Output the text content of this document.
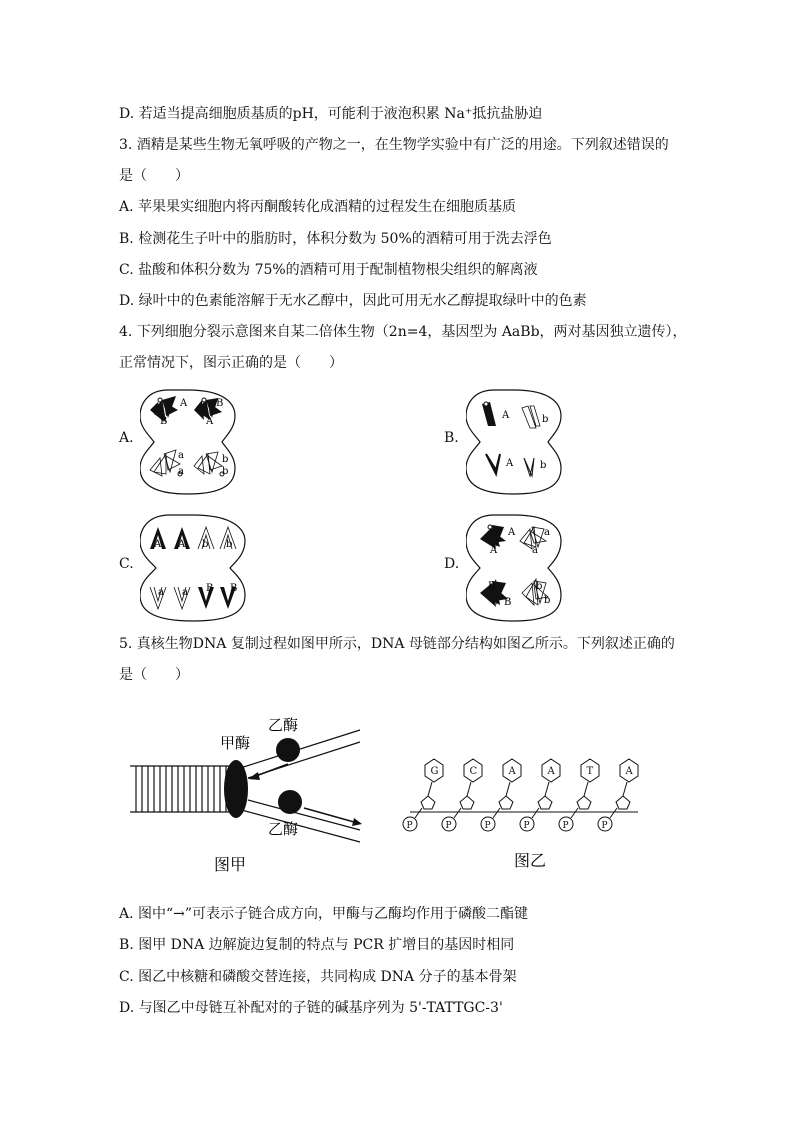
D. 若适当提高细胞质基质的pH，可能利于液泡积累 Na⁺抵抗盐胁迫
3. 酒精是某些生物无氧呼吸的产物之一，在生物学实验中有广泛的用途。下列叙述错误的
是（　　）
A. 苹果果实细胞内将丙酮酸转化成酒精的过程发生在细胞质基质
B. 检测花生子叶中的脂肪时，体积分数为 50%的酒精可用于洗去浮色
C. 盐酸和体积分数为 75%的酒精可用于配制植物根尖组织的解离液
D. 绿叶中的色素能溶解于无水乙醇中，因此可用无水乙醇提取绿叶中的色素
4. 下列细胞分裂示意图来自某二倍体生物（2n=4，基因型为 AaBb，两对基因独立遗传），
正常情况下，图示正确的是（　　）
A.	B.
C.	D.
A
B
B
A
a
a
b
b
A	b
A	b
A A b b
a a B B
A
A
a
a
B
B
b
b
5. 真核生物DNA 复制过程如图甲所示，DNA 母链部分结构如图乙所示。下列叙述正确的
是（　　）
甲酶
乙酶
乙酶
图甲
P
G
P
C
P
A
P
A
P
T
P
A
图乙
A. 图中“→”可表示子链合成方向，甲酶与乙酶均作用于磷酸二酯键
B. 图甲 DNA 边解旋边复制的特点与 PCR 扩增目的基因时相同
C. 图乙中核糖和磷酸交替连接，共同构成 DNA 分子的基本骨架
D. 与图乙中母链互补配对的子链的碱基序列为 5'-TATTGC-3'
